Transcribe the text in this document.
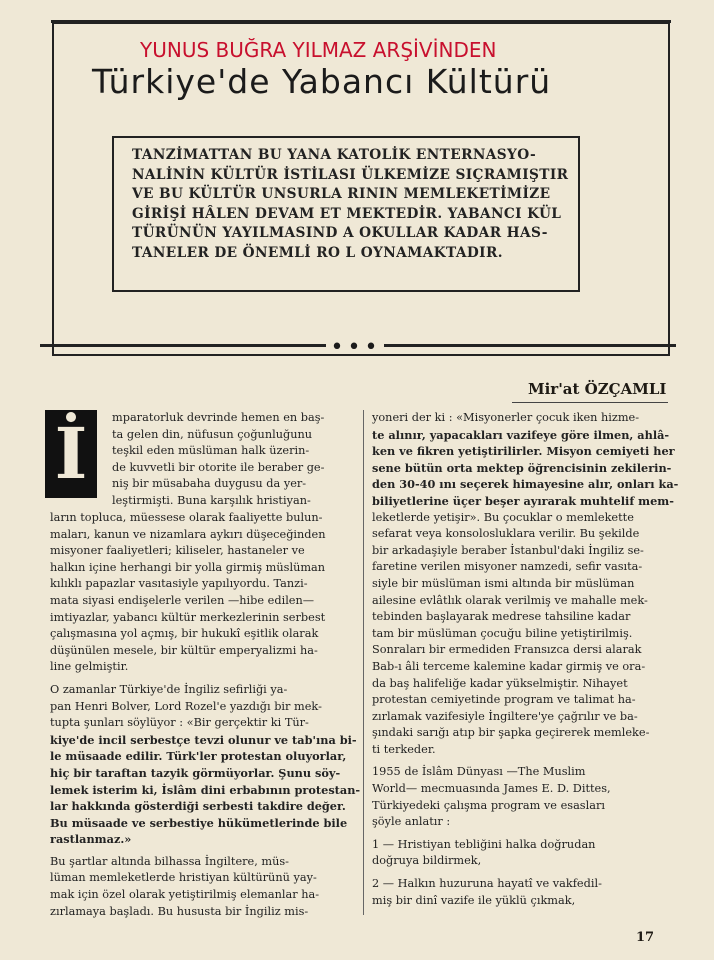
YUNUS BUĞRA YILMAZ ARŞİVİNDEN
Türkiye'de Yabancı Kültürü
TANZİMATTAN BU YANA KATOLİK ENTERNASYO-
NALİNİN KÜLTÜR İSTİLASI ÜLKEMİZE SIÇRAMIŞTIR
VE BU KÜLTÜR UNSURLA RININ MEMLEKETİMİZE
GİRİŞİ HÂLEN DEVAM ET MEKTEDİR. YABANCI KÜL
TÜRÜNÜN YAYILMASIND A OKULLAR KADAR HAS-
TANELER DE ÖNEMLİ RO L OYNAMAKTADIR.
•••
Mir'at ÖZÇAMLI
İ	mparatorluk devrinde hemen en baş-
ta gelen din, nüfusun çoğunluğunu
teşkil eden müslüman halk üzerin-
de kuvvetli bir otorite ile beraber ge-
niş bir müsabaha duygusu da yer-
leştirmişti. Buna karşılık hristiyan-
ların topluca, müessese olarak faaliyette bulun-
maları, kanun ve nizamlara aykırı düşeceğinden
misyoner faaliyetleri; kiliseler, hastaneler ve
halkın içine herhangi bir yolla girmiş müslüman
kılıklı papazlar vasıtasiyle yapılıyordu. Tanzi-
mata siyasi endişelerle verilen —hibe edilen—
imtiyazlar, yabancı kültür merkezlerinin serbest
çalışmasına yol açmış, bir hukukî eşitlik olarak
düşünülen mesele, bir kültür emperyalizmi ha-
line gelmiştir.
O zamanlar Türkiye'de İngiliz sefirliği ya-
pan Henri Bolver, Lord Rozel'e yazdığı bir mek-
tupta şunları söylüyor : «Bir gerçektir ki Tür-
kiye'de incil serbestçe tevzi olunur ve tab'ına bi-
le müsaade edilir. Türk'ler protestan oluyorlar,
hiç bir taraftan tazyik görmüyorlar. Şunu söy-
lemek isterim ki, İslâm dini erbabının protestan-
lar hakkında gösterdiği serbesti takdire değer.
Bu müsaade ve serbestiye hükümetlerinde bile
rastlanmaz.»
Bu şartlar altında bilhassa İngiltere, müs-
lüman memleketlerde hristiyan kültürünü yay-
mak için özel olarak yetiştirilmiş elemanlar ha-
zırlamaya başladı. Bu hususta bir İngiliz mis-
yoneri der ki : «Misyonerler çocuk iken hizme-
te alınır, yapacakları vazifeye göre ilmen, ahlâ-
ken ve fikren yetiştirilirler. Misyon cemiyeti her
sene bütün orta mektep öğrencisinin zekilerin-
den 30-40 ını seçerek himayesine alır, onları ka-
biliyetlerine üçer beşer ayırarak muhtelif mem-
leketlerde yetişir». Bu çocuklar o memlekette
sefarat veya konsolosluklara verilir. Bu şekilde
bir arkadaşiyle beraber İstanbul'daki İngiliz se-
faretine verilen misyoner namzedi, sefir vasıta-
siyle bir müslüman ismi altında bir müslüman
ailesine evlâtlık olarak verilmiş ve mahalle mek-
tebinden başlayarak medrese tahsiline kadar
tam bir müslüman çocuğu biline yetiştirilmiş.
Sonraları bir ermediden Fransızca dersi alarak
Bab-ı âli terceme kalemine kadar girmiş ve ora-
da baş halifeliğe kadar yükselmiştir. Nihayet
protestan cemiyetinde program ve talimat ha-
zırlamak vazifesiyle İngiltere'ye çağrılır ve ba-
şındaki sarığı atıp bir şapka geçirerek memleke-
ti terkeder.
1955 de İslâm Dünyası —The Muslim
World— mecmuasında James E. D. Dittes,
Türkiyedeki çalışma program ve esasları
şöyle anlatır :
1 — Hristiyan tebliğini halka doğrudan
doğruya bildirmek,
2 — Halkın huzuruna hayatî ve vakfedil-
miş bir dinî vazife ile yüklü çıkmak,
17
